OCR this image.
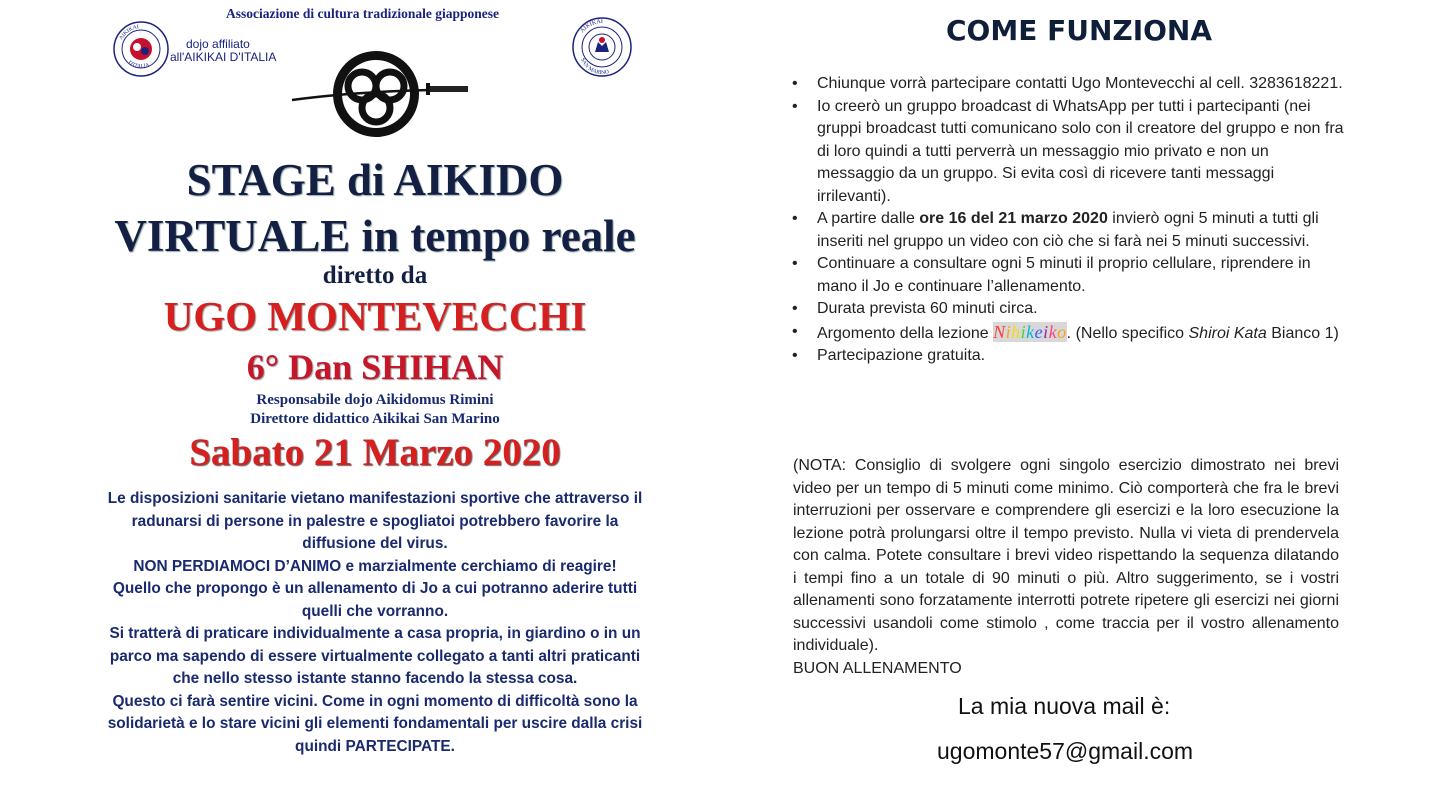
Associazione di cultura tradizionale giapponese
AIKIKAI
D'ITALIA
dojo affiliato
all'AIKIKAI D'ITALIA
AIKIKAI
SAN MARINO
STAGE di AIKIDO
VIRTUALE in tempo reale
diretto da
UGO MONTEVECCHI
6° Dan SHIHAN
Responsabile dojo Aikidomus Rimini
Direttore didattico Aikikai San Marino
Sabato 21 Marzo 2020

Le disposizioni sanitarie vietano manifestazioni sportive che attraverso il radunarsi di persone in palestre e spogliatoi potrebbero favorire la diffusione del virus.

NON PERDIAMOCI D’ANIMO e marzialmente cerchiamo di reagire!

Quello che propongo è un allenamento di Jo a cui potranno aderire tutti quelli che vorranno.

Si tratterà di praticare individualmente a casa propria, in giardino o in un parco ma sapendo di essere virtualmente collegato a tanti altri praticanti che nello stesso istante stanno facendo la stessa cosa.

Questo ci farà sentire vicini. Come in ogni momento di difficoltà sono la solidarietà e lo stare vicini gli elementi fondamentali per uscire dalla crisi quindi PARTECIPATE.

COME FUNZIONA
• Chiunque vorrà partecipare contatti Ugo Montevecchi al cell. 3283618221.
• Io creerò un gruppo broadcast di WhatsApp per tutti i partecipanti (nei gruppi broadcast tutti comunicano solo con il creatore del gruppo e non fra di loro quindi a tutti perverrà un messaggio mio privato e non un messaggio da un gruppo. Si evita così di ricevere tanti messaggi irrilevanti).
• A partire dalle ore 16 del 21 marzo 2020 invierò ogni 5 minuti a tutti gli inseriti nel gruppo un video con ciò che si farà nei 5 minuti successivi.
• Continuare a consultare ogni 5 minuti il proprio cellulare, riprendere in mano il Jo e continuare l’allenamento.
• Durata prevista 60 minuti circa.
• Argomento della lezione Nihikeiko. (Nello specifico Shiroi Kata Bianco 1)
• Partecipazione gratuita.

(NOTA: Consiglio di svolgere ogni singolo esercizio dimostrato nei brevi video per un tempo di 5 minuti come minimo. Ciò comporterà che fra le brevi interruzioni per osservare e comprendere gli esercizi e la loro esecuzione la lezione potrà prolungarsi oltre il tempo previsto. Nulla vi vieta di prendervela con calma. Potete consultare i brevi video rispettando la sequenza dilatando i tempi fino a un totale di 90 minuti o più. Altro suggerimento, se i vostri allenamenti sono forzatamente interrotti potrete ripetere gli esercizi nei giorni successivi usandoli come stimolo , come traccia per il vostro allenamento individuale).

BUON ALLENAMENTO

La mia nuova mail è:
ugomonte57@gmail.com
